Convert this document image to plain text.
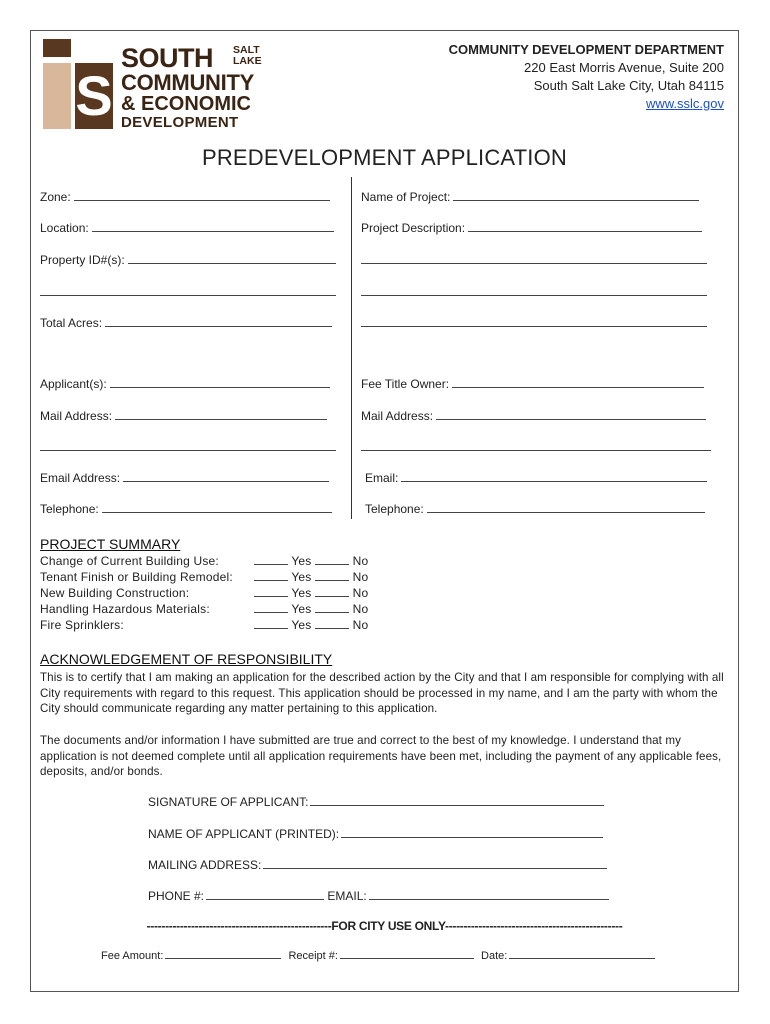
S
SOUTH SALT
LAKE
COMMUNITY
& ECONOMIC
DEVELOPMENT
COMMUNITY DEVELOPMENT DEPARTMENT
220 East Morris Avenue, Suite 200
South Salt Lake City, Utah 84115
www.sslc.gov
PREDEVELOPMENT APPLICATION
Zone:
Location:
Property ID#(s):
Total Acres:
Applicant(s):
Mail Address:
Email Address:
Telephone:
Name of Project:
Project Description:
Fee Title Owner:
Mail Address:
Email:
Telephone:
PROJECT SUMMARY
Change of Current Building Use:	Yes	No
Tenant Finish or Building Remodel:	Yes	No
New Building Construction:	Yes	No
Handling Hazardous Materials:	Yes	No
Fire Sprinklers:	Yes	No
ACKNOWLEDGEMENT OF RESPONSIBILITY
This is to certify that I am making an application for the described action by the City and that I am responsible for complying with all City requirements with regard to this request. This application should be processed in my name, and I am the party with whom the City should communicate regarding any matter pertaining to this application.
The documents and/or information I have submitted are true and correct to the best of my knowledge. I understand that my application is not deemed complete until all application requirements have been met, including the payment of any applicable fees, deposits, and/or bonds.
SIGNATURE OF APPLICANT:
NAME OF APPLICANT (PRINTED):
MAILING ADDRESS:
PHONE #:	EMAIL:
--------------------------------------------------FOR CITY USE ONLY------------------------------------------------
Fee Amount:	Receipt #:	Date:
